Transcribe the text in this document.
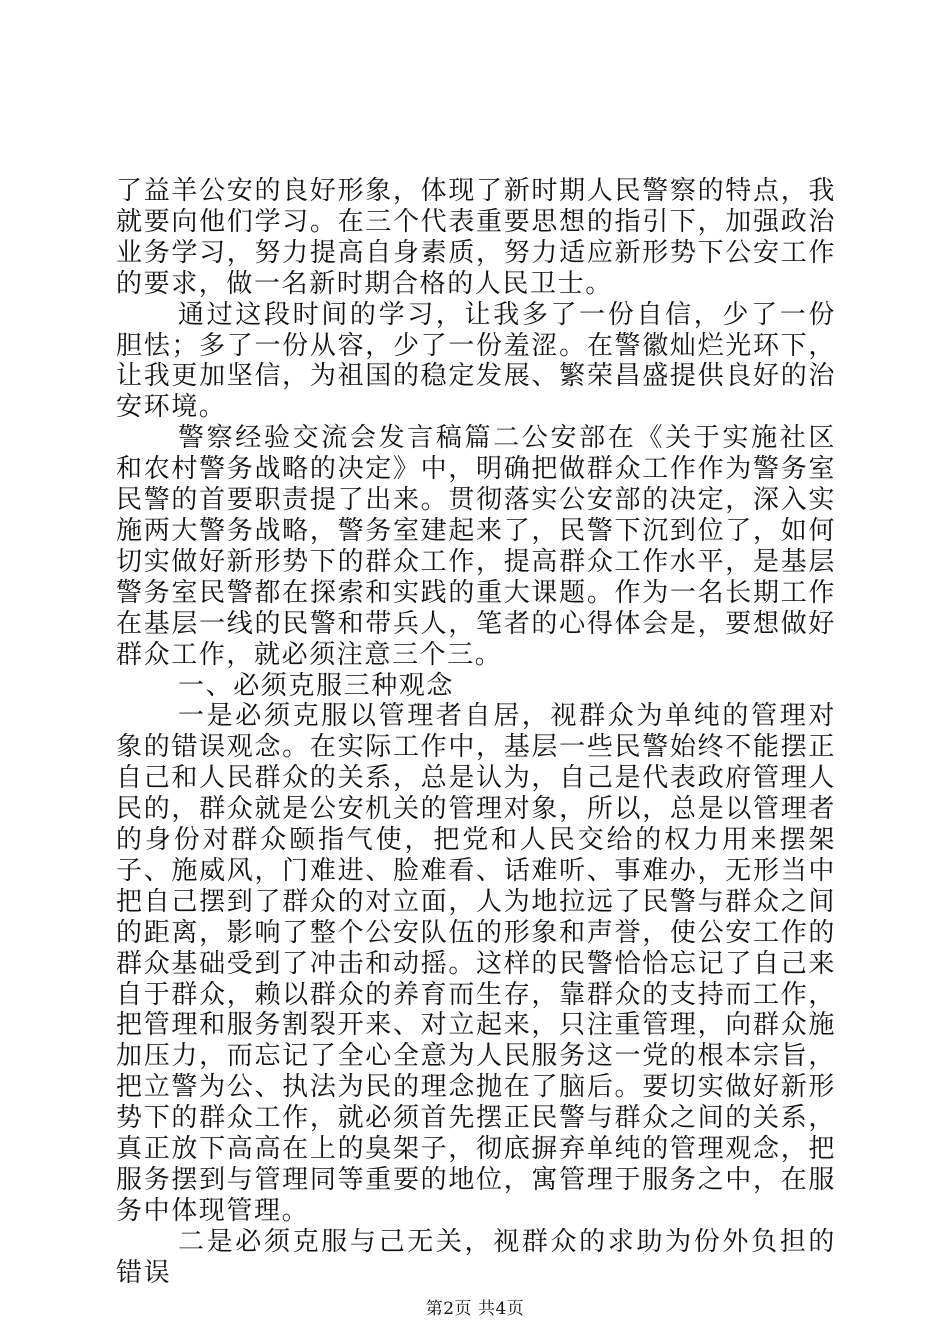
了益羊公安的良好形象，体现了新时期人民警察的特点，我就要向他们学习。在三个代表重要思想的指引下，加强政治业务学习，努力提高自身素质，努力适应新形势下公安工作的要求，做一名新时期合格的人民卫士。

通过这段时间的学习，让我多了一份自信，少了一份胆怯；多了一份从容，少了一份羞涩。在警徽灿烂光环下，让我更加坚信，为祖国的稳定发展、繁荣昌盛提供良好的治安环境。

警察经验交流会发言稿篇二公安部在《关于实施社区和农村警务战略的决定》中，明确把做群众工作作为警务室民警的首要职责提了出来。贯彻落实公安部的决定，深入实施两大警务战略，警务室建起来了，民警下沉到位了，如何切实做好新形势下的群众工作，提高群众工作水平，是基层警务室民警都在探索和实践的重大课题。作为一名长期工作在基层一线的民警和带兵人，笔者的心得体会是，要想做好群众工作，就必须注意三个三。

一、必须克服三种观念

一是必须克服以管理者自居，视群众为单纯的管理对象的错误观念。在实际工作中，基层一些民警始终不能摆正自己和人民群众的关系，总是认为，自己是代表政府管理人民的，群众就是公安机关的管理对象，所以，总是以管理者的身份对群众颐指气使，把党和人民交给的权力用来摆架子、施威风，门难进、脸难看、话难听、事难办，无形当中把自己摆到了群众的对立面，人为地拉远了民警与群众之间的距离，影响了整个公安队伍的形象和声誉，使公安工作的群众基础受到了冲击和动摇。这样的民警恰恰忘记了自己来自于群众，赖以群众的养育而生存，靠群众的支持而工作，把管理和服务割裂开来、对立起来，只注重管理，向群众施加压力，而忘记了全心全意为人民服务这一党的根本宗旨，把立警为公、执法为民的理念抛在了脑后。要切实做好新形势下的群众工作，就必须首先摆正民警与群众之间的关系，真正放下高高在上的臭架子，彻底摒弃单纯的管理观念，把服务摆到与管理同等重要的地位，寓管理于服务之中，在服务中体现管理。

二是必须克服与己无关，视群众的求助为份外负担的错误

第2页 共4页
